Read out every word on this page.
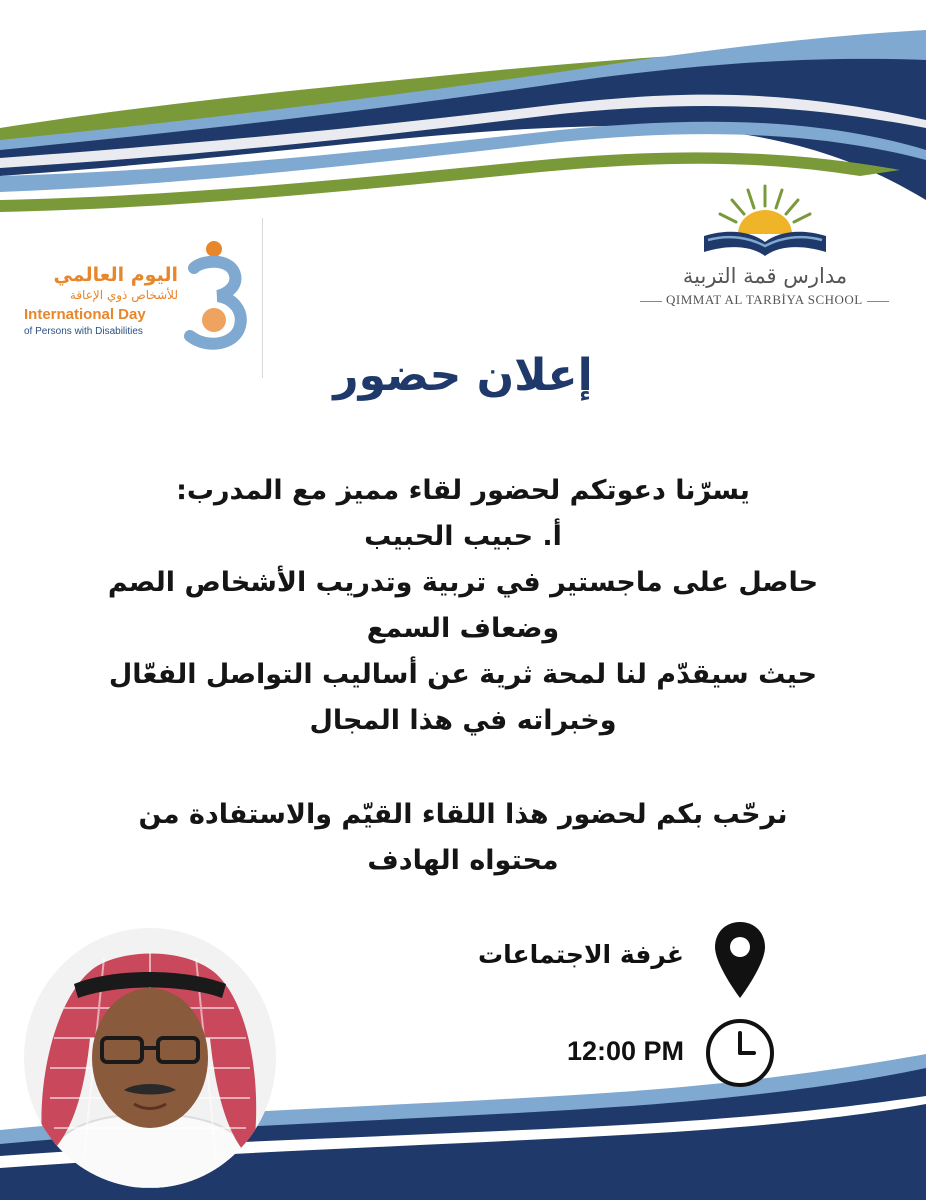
اليوم العالمي
للأشخاص ذوي الإعاقة
International Day
of Persons with Disabilities
مدارس قمة التربية
QIMMAT AL TARBİYA SCHOOL
إعلان حضور
يسرّنا دعوتكم لحضور لقاء مميز مع المدرب:
أ. حبيب الحبيب
حاصل على ماجستير في تربية وتدريب الأشخاص الصم
وضعاف السمع
حيث سيقدّم لنا لمحة ثرية عن أساليب التواصل الفعّال
وخبراته في هذا المجال
نرحّب بكم لحضور هذا اللقاء القيّم والاستفادة من
محتواه الهادف
غرفة الاجتماعات
12:00 PM
